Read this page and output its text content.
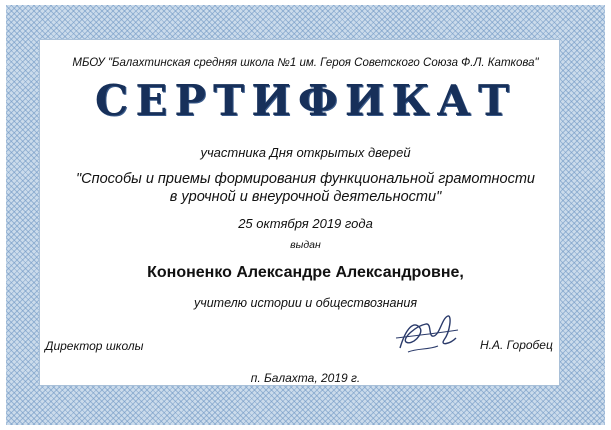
МБОУ "Балахтинская средняя школа №1 им. Героя Советского Союза Ф.Л. Каткова"
СЕРТИФИКАТ
участника Дня открытых дверей
"Способы и приемы формирования функциональной грамотности
в урочной и внеурочной деятельности"
25 октября 2019 года
выдан
Кононенко Александре Александровне,
учителю истории и обществознания
Директор школы	Н.А. Горобец
п. Балахта, 2019 г.
